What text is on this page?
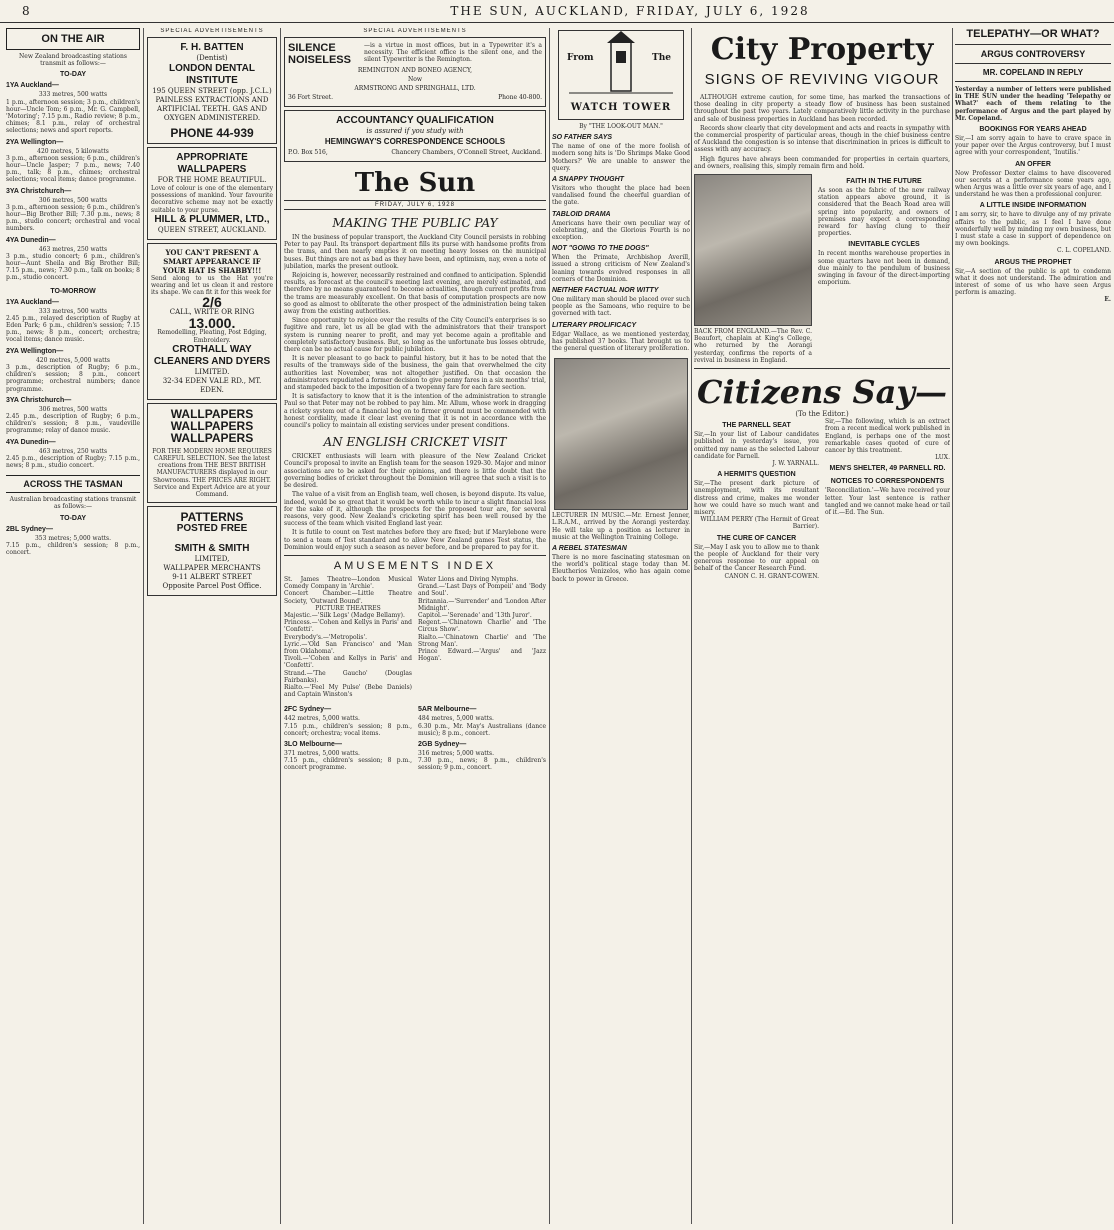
8	THE SUN, AUCKLAND, FRIDAY, JULY 6, 1928
ON THE AIR
New Zealand broadcasting stations transmit as follows:—
TO-DAY
1YA Auckland—
333 metres, 500 watts
1 p.m., afternoon session; 3 p.m., children's hour—Uncle Tom; 6 p.m., Mr. G. Campbell, 'Motoring'; 7.15 p.m., Radio review; 8 p.m., chimes; 8.1 p.m., relay of orchestral selections; news and sport reports.
2YA Wellington—
420 metres, 5 kilowatts
3 p.m., afternoon session; 6 p.m., children's hour—Uncle Jasper; 7 p.m., news; 7.40 p.m., talk; 8 p.m., chimes; orchestral selections; vocal items; dance programme.
3YA Christchurch—
306 metres, 500 watts
3 p.m., afternoon session; 6 p.m., children's hour—Big Brother Bill; 7.30 p.m., news; 8 p.m., studio concert; orchestral and vocal numbers.
4YA Dunedin—
463 metres, 250 watts
3 p.m., studio concert; 6 p.m., children's hour—Aunt Sheila and Big Brother Bill; 7.15 p.m., news; 7.30 p.m., talk on books; 8 p.m., studio concert.
TO-MORROW
1YA Auckland—
333 metres, 500 watts
2.45 p.m., relayed description of Rugby at Eden Park; 6 p.m., children's session; 7.15 p.m., news; 8 p.m., concert; orchestra; vocal items; dance music.
2YA Wellington—
420 metres, 5,000 watts
3 p.m., description of Rugby; 6 p.m., children's session; 8 p.m., concert programme; orchestral numbers; dance programme.
3YA Christchurch—
306 metres, 500 watts
2.45 p.m., description of Rugby; 6 p.m., children's session; 8 p.m., vaudeville programme; relay of dance music.
4YA Dunedin—
463 metres, 250 watts
2.45 p.m., description of Rugby; 7.15 p.m., news; 8 p.m., studio concert.
ACROSS THE TASMAN
Australian broadcasting stations transmit as follows:—
TO-DAY
2BL Sydney—
353 metres; 5,000 watts.
7.15 p.m., children's session; 8 p.m., concert.
SPECIAL ADVERTISEMENTS
F. H. BATTEN
(Dentist)
LONDON DENTAL INSTITUTE
195 QUEEN STREET (opp. J.C.L.)
PAINLESS EXTRACTIONS AND ARTIFICIAL TEETH. GAS AND OXYGEN ADMINISTERED.
PHONE 44-939
APPROPRIATE WALLPAPERS
FOR THE HOME BEAUTIFUL.
Love of colour is one of the elementary possessions of mankind. Your favourite decorative scheme may not be exactly suitable to your purse.
HILL & PLUMMER, LTD.,
QUEEN STREET, AUCKLAND.
YOU CAN'T PRESENT A SMART APPEARANCE IF YOUR HAT IS SHABBY!!!
Send along to us the Hat you're wearing and let us clean it and restore its shape. We can fit it for this week for
2/6
CALL, WRITE OR RING
13.000.
Remodelling, Pleating, Post Edging, Embroidery.
CROTHALL WAY CLEANERS AND DYERS
LIMITED.
32-34 EDEN VALE RD., MT. EDEN.
WALLPAPERS
WALLPAPERS
WALLPAPERS
FOR THE MODERN HOME REQUIRES CAREFUL SELECTION. See the latest creations from THE BEST BRITISH MANUFACTURERS displayed in our Showrooms. THE PRICES ARE RIGHT. Service and Expert Advice are at your Command.
PATTERNS
POSTED FREE
SMITH & SMITH
LIMITED,
WALLPAPER MERCHANTS
9-11 ALBERT STREET
Opposite Parcel Post Office.
SPECIAL ADVERTISEMENTS
SILENCE
NOISELESS
—is a virtue in most offices, but in a Typewriter it's a necessity. The efficient office is the silent one, and the silent Typewriter is the Remington.
REMINGTON AND BONEO AGENCY,
Now
ARMSTRONG AND SPRINGHALL, LTD.
36 Fort Street.	Phone 40-800.
ACCOUNTANCY QUALIFICATION
is assured if you study with
HEMINGWAY'S CORRESPONDENCE SCHOOLS
P.O. Box 516,	Chancery Chambers, O'Connell Street, Auckland.
The Sun
FRIDAY, JULY 6, 1928
MAKING THE PUBLIC PAY

IN the business of popular transport, the Auckland City Council persists in robbing Peter to pay Paul. Its transport department fills its purse with handsome profits from the trams, and then nearly empties it on meeting heavy losses on the municipal buses. But things are not as bad as they have been, and optimism, nay, even a note of jubilation, marks the present outlook.

Rejoicing is, however, necessarily restrained and confined to anticipation. Splendid results, as forecast at the council's meeting last evening, are merely estimated, and therefore by no means guaranteed to become actualities, though current profits from the trams are measurably excellent. On that basis of computation prospects are now so good as almost to obliterate the other prospect of the administration being taken away from the existing authorities.

Since opportunity to rejoice over the results of the City Council's enterprises is so fugitive and rare, let us all be glad with the administrators that their transport system is running nearer to profit, and may yet become again a profitable and completely satisfactory business. But, so long as the unfortunate bus losses obtrude, there can be no actual cause for public jubilation.

It is never pleasant to go back to painful history, but it has to be noted that the results of the tramways side of the business, the gain that overwhelmed the city authorities last November, was not altogether justified. On that occasion the administrators repudiated a former decision to give penny fares in a six months' trial, and stampeded back to the imposition of a twopenny fare for each fare section.

It is satisfactory to know that it is the intention of the administration to strangle Paul so that Peter may not be robbed to pay him. Mr. Allum, whose work in dragging a rickety system out of a financial bog on to firmer ground must be commended with honest cordiality, made it clear last evening that it is not in accordance with the council's policy to maintain all existing services under present conditions.

AN ENGLISH CRICKET VISIT

CRICKET enthusiasts will learn with pleasure of the New Zealand Cricket Council's proposal to invite an English team for the season 1929-30. Major and minor associations are to be asked for their opinions, and there is little doubt that the governing bodies of cricket throughout the Dominion will agree that such a visit is to be desired.

The value of a visit from an English team, well chosen, is beyond dispute. Its value, indeed, would be so great that it would be worth while to incur a slight financial loss for the sake of it, although the prospects for the proposed tour are, for several reasons, very good. New Zealand's cricketing spirit has been well roused by the success of the team which visited England last year.

It is futile to count on Test matches before they are fixed; but if Marylebone were to send a team of Test standard and to allow New Zealand games Test status, the Dominion would enjoy such a season as never before, and be prepared to pay for it.

AMUSEMENTS INDEX
St. James Theatre—London Musical Comedy Company in 'Archie'.
Concert Chamber.—Little Theatre Society, 'Outward Bound'.
PICTURE THEATRES
Majestic.—'Silk Legs' (Madge Bellamy).
Princess.—'Cohen and Kellys in Paris' and 'Confetti'.
Everybody's.—'Metropolis'.
Lyric.—'Old San Francisco' and 'Man from Oklahoma'.
Tivoli.—'Cohen and Kellys in Paris' and 'Confetti'.
Strand.—'The Gaucho' (Douglas Fairbanks).
Rialto.—'Feel My Pulse' (Bebe Daniels) and Captain Winston's
Water Lions and Diving Nymphs.
Grand.—'Last Days of Pompeii' and 'Body and Soul'.
Britannia.—'Surrender' and 'London After Midnight'.
Capitol.—'Serenade' and '13th Juror'.
Regent.—'Chinatown Charlie' and 'The Circus Show'.
Rialto.—'Chinatown Charlie' and 'The Strong Man'.
Prince Edward.—'Argus' and 'Jazz Hogan'.
2FC Sydney—
442 metres, 5,000 watts.
7.15 p.m., children's session; 8 p.m., concert; orchestra; vocal items.
3LO Melbourne—
371 metres, 5,000 watts.
7.15 p.m., children's session; 8 p.m., concert programme.
5AR Melbourne—
484 metres, 5,000 watts.
6.30 p.m., Mr. May's Australians (dance music); 8 p.m., concert.
2GB Sydney—
316 metres; 5,000 watts.
7.30 p.m., news; 8 p.m., children's session; 9 p.m., concert.
From	The
WATCH TOWER
By "THE LOOK-OUT MAN."
SO FATHER SAYS
The name of one of the more foolish of modern song hits is 'Do Shrimps Make Good Mothers?' We are unable to answer the query.
A SNAPPY THOUGHT
Visitors who thought the place had been vandalised found the cheerful guardian of the gate.
TABLOID DRAMA
Americans have their own peculiar way of celebrating, and the Glorious Fourth is no exception.
NOT "GOING TO THE DOGS"
When the Primate, Archbishop Averill, issued a strong criticism of New Zealand's leaning towards evolved responses in all corners of the Dominion.
NEITHER FACTUAL NOR WITTY
One military man should be placed over such people as the Samoans, who require to be governed with tact.
LITERARY PROLIFICACY
Edgar Wallace, as we mentioned yesterday, has published 37 books. That brought us to the general question of literary proliferation.
LECTURER IN MUSIC.—Mr. Ernest Jenner, L.R.A.M., arrived by the Aorangi yesterday. He will take up a position as lecturer in music at the Wellington Training College.
A REBEL STATESMAN
There is no more fascinating statesman on the world's political stage today than M. Eleutherios Venizelos, who has again come back to power in Greece.
City Property
SIGNS OF REVIVING VIGOUR

ALTHOUGH extreme caution, for some time, has marked the transactions of those dealing in city property a steady flow of business has been sustained throughout the past two years. Lately comparatively little activity in the purchase and sale of business properties in Auckland has been recorded.

Records show clearly that city development and acts and reacts in sympathy with the commercial prosperity of particular areas, though in the chief business centre of Auckland the congestion is so intense that discrimination in prices is difficult to assess with any accuracy.

High figures have always been commanded for properties in certain quarters, and owners, realising this, simply remain firm and hold.

BACK FROM ENGLAND.—The Rev. C. Beaufort, chaplain at King's College, who returned by the Aorangi yesterday, confirms the reports of a revival in business in England.
FAITH IN THE FUTURE
As soon as the fabric of the new railway station appears above ground, it is considered that the Beach Road area will spring into popularity, and owners of premises may expect a corresponding reward for having clung to their properties.
INEVITABLE CYCLES
In recent months warehouse properties in some quarters have not been in demand, due mainly to the pendulum of business swinging in favour of the direct-importing emporium.
Citizens Say—
(To the Editor.)
THE PARNELL SEAT
Sir,—In your list of Labour candidates published in yesterday's issue, you omitted my name as the selected Labour candidate for Parnell.
J. W. YARNALL.
A HERMIT'S QUESTION
Sir,—The present dark picture of unemployment, with its resultant distress and crime, makes me wonder how we could have so much want and misery.
WILLIAM PERRY (The Hermit of Great Barrier).
THE CURE OF CANCER
Sir,—May I ask you to allow me to thank the people of Auckland for their very generous response to our appeal on behalf of the Cancer Research Fund.
CANON C. H. GRANT-COWEN.
Sir,—The following, which is an extract from a recent medical work published in England, is perhaps one of the most remarkable cases quoted of cure of cancer by this treatment.
LUX.
MEN'S SHELTER, 49 PARNELL RD.
NOTICES TO CORRESPONDENTS
'Reconciliation.'—We have received your letter. Your last sentence is rather tangled and we cannot make head or tail of it.—Ed. The Sun.
TELEPATHY—OR WHAT?
ARGUS CONTROVERSY
MR. COPELAND IN REPLY
Yesterday a number of letters were published in THE SUN under the heading 'Telepathy or What?' each of them relating to the performance of Argus and the part played by Mr. Copeland.
BOOKINGS FOR YEARS AHEAD
Sir,—I am sorry again to have to crave space in your paper over the Argus controversy, but I must agree with your correspondent, 'Inutilis.'
AN OFFER
Now Professor Dexter claims to have discovered our secrets at a performance some years ago, when Argus was a little over six years of age, and I understand he was then a professional conjurer.
A LITTLE INSIDE INFORMATION
I am sorry, sir, to have to divulge any of my private affairs to the public, as I feel I have done wonderfully well by minding my own business, but I must state a case in support of dependence on my own bookings.
C. L. COPELAND.
ARGUS THE PROPHET
Sir,—A section of the public is apt to condemn what it does not understand. The admiration and interest of some of us who have seen Argus perform is amazing.
E.
